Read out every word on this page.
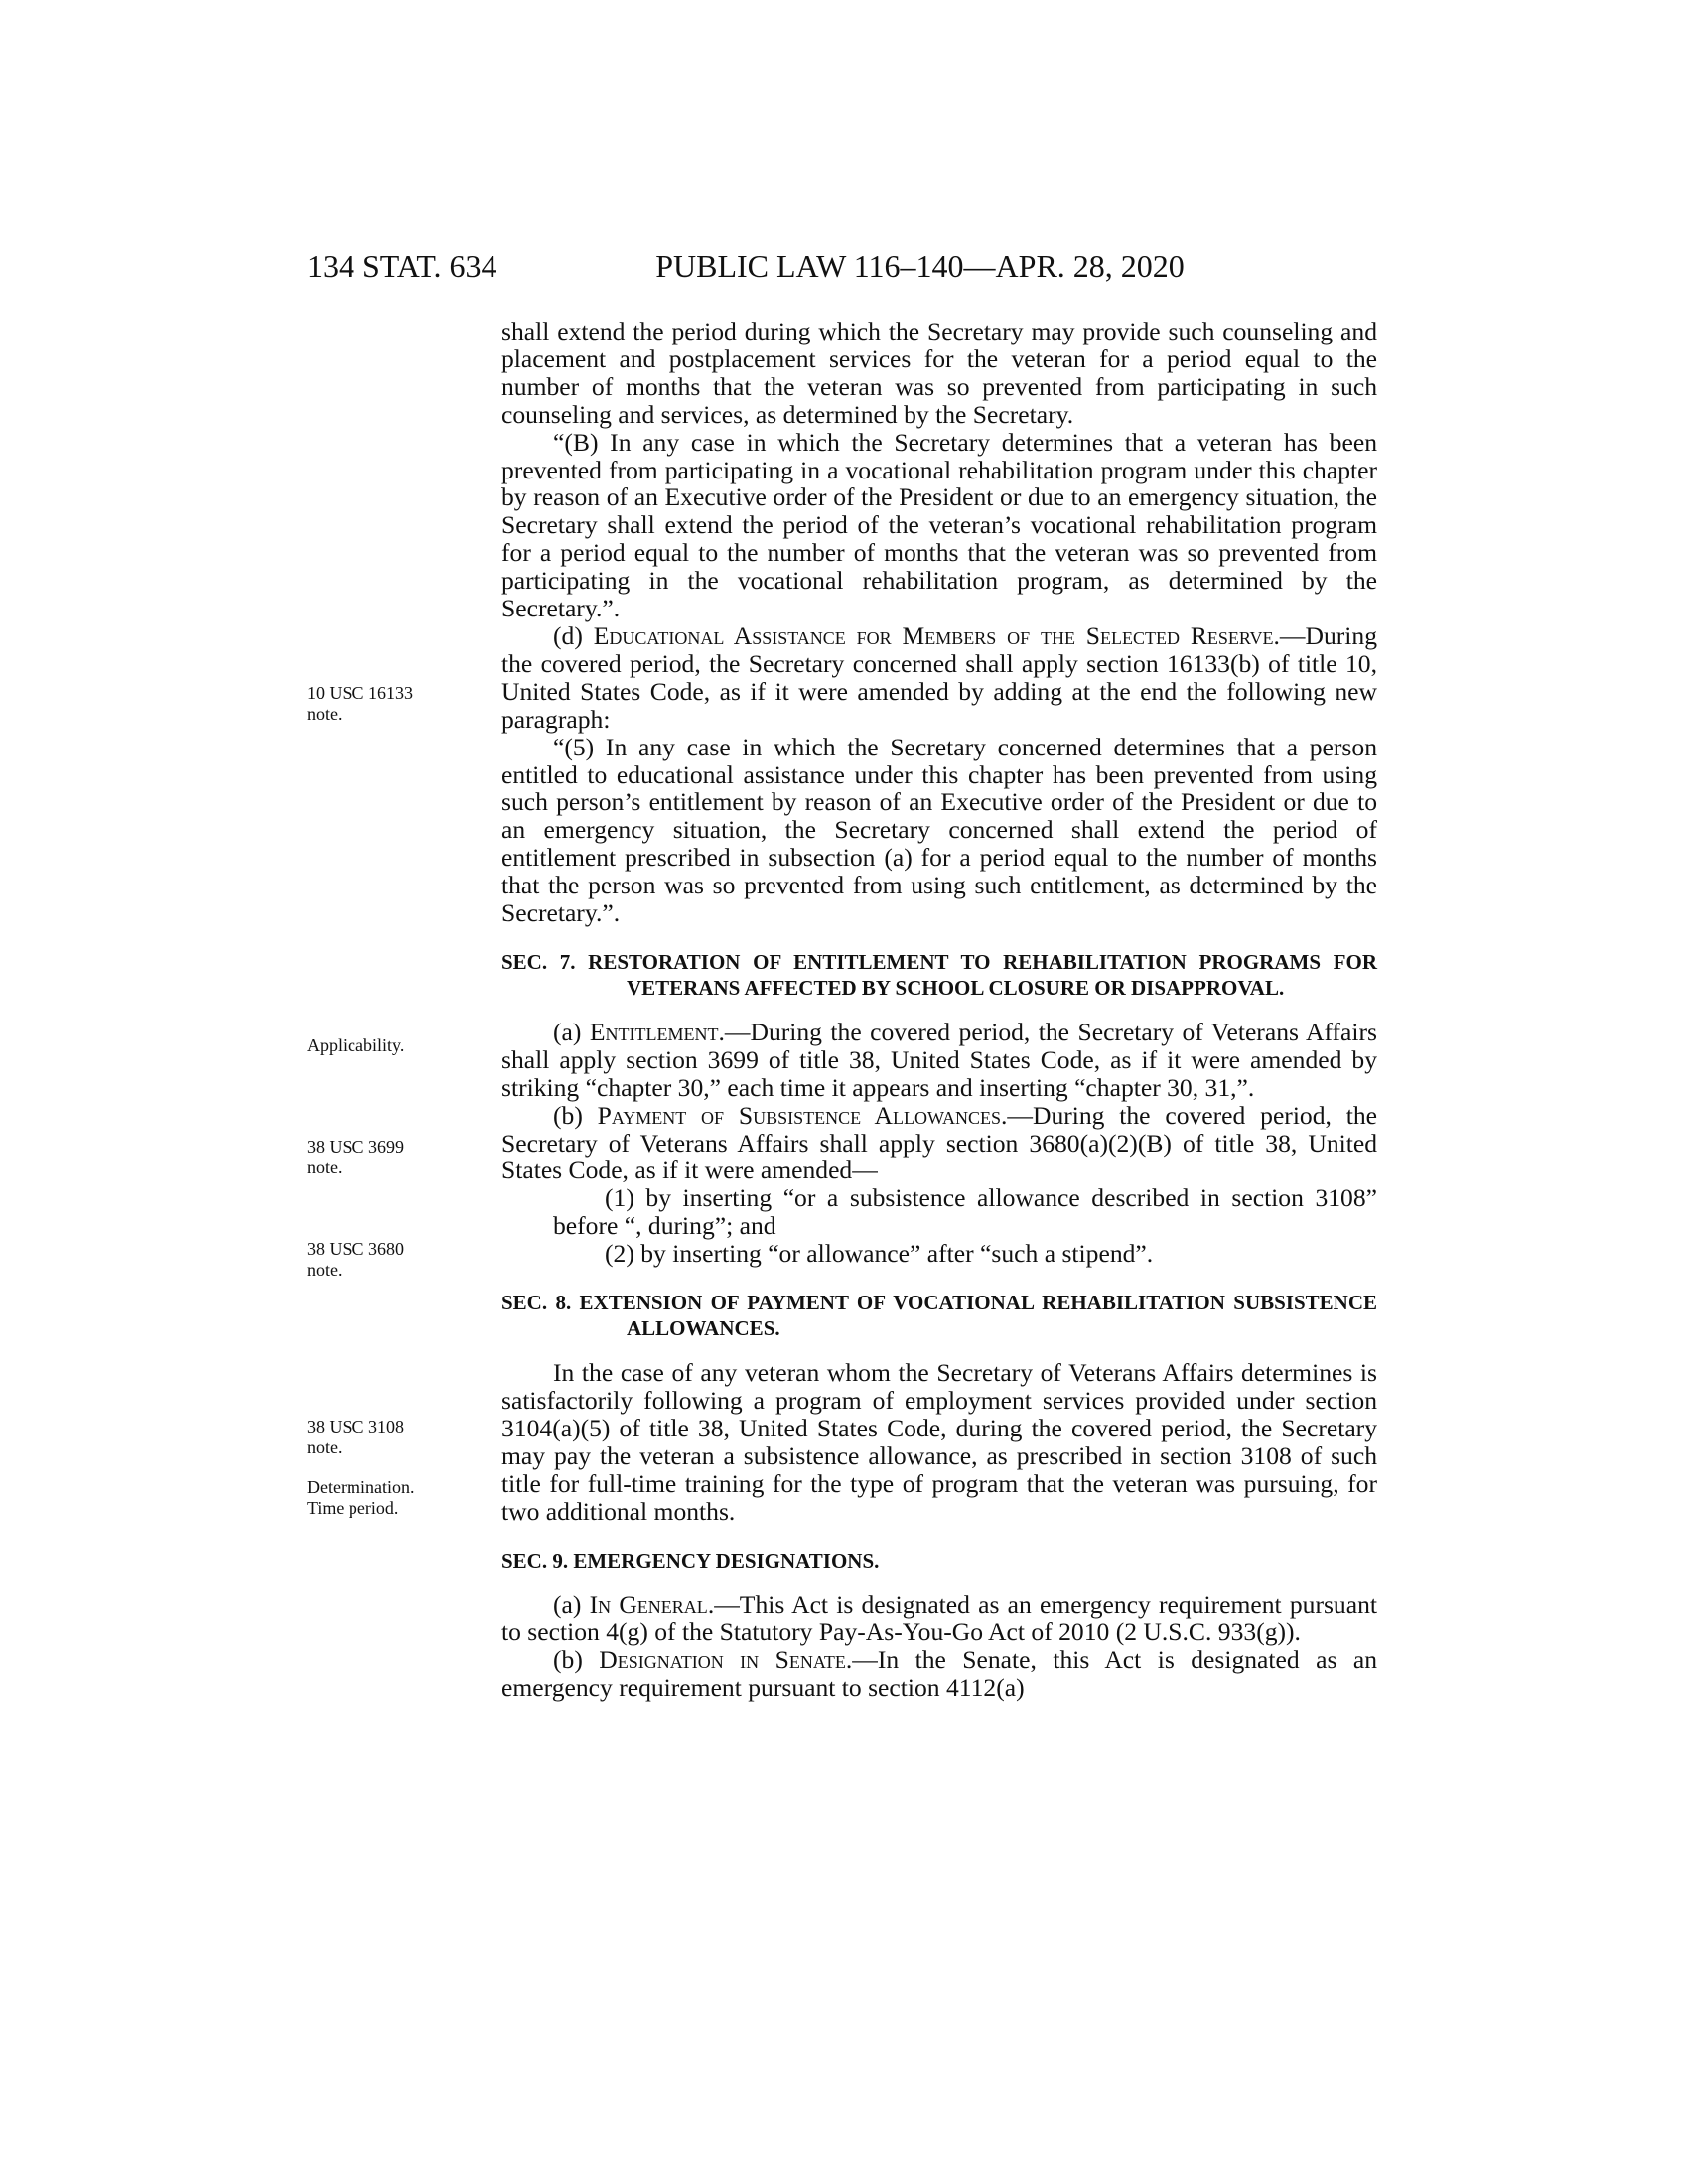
134 STAT. 634	PUBLIC LAW 116–140—APR. 28, 2020
10 USC 16133
note.
Applicability.
38 USC 3699
note.
38 USC 3680
note.
38 USC 3108
note.
Determination.
Time period.

shall extend the period during which the Secretary may provide such counseling and placement and postplacement services for the veteran for a period equal to the number of months that the veteran was so prevented from participating in such counseling and services, as determined by the Secretary.

“(B) In any case in which the Secretary determines that a veteran has been prevented from participating in a vocational rehabilitation program under this chapter by reason of an Executive order of the President or due to an emergency situation, the Secretary shall extend the period of the veteran’s vocational rehabilitation program for a period equal to the number of months that the veteran was so prevented from participating in the vocational rehabilitation program, as determined by the Secretary.”.

(d) Educational Assistance for Members of the Selected Reserve.—During the covered period, the Secretary concerned shall apply section 16133(b) of title 10, United States Code, as if it were amended by adding at the end the following new paragraph:

“(5) In any case in which the Secretary concerned determines that a person entitled to educational assistance under this chapter has been prevented from using such person’s entitlement by reason of an Executive order of the President or due to an emergency situation, the Secretary concerned shall extend the period of entitlement prescribed in subsection (a) for a period equal to the number of months that the person was so prevented from using such entitlement, as determined by the Secretary.”.

SEC. 7. RESTORATION OF ENTITLEMENT TO REHABILITATION PROGRAMS FOR VETERANS AFFECTED BY SCHOOL CLOSURE OR DISAPPROVAL.

(a) Entitlement.—During the covered period, the Secretary of Veterans Affairs shall apply section 3699 of title 38, United States Code, as if it were amended by striking “chapter 30,” each time it appears and inserting “chapter 30, 31,”.

(b) Payment of Subsistence Allowances.—During the covered period, the Secretary of Veterans Affairs shall apply section 3680(a)(2)(B) of title 38, United States Code, as if it were amended—

(1) by inserting “or a subsistence allowance described in section 3108” before “, during”; and

(2) by inserting “or allowance” after “such a stipend”.

SEC. 8. EXTENSION OF PAYMENT OF VOCATIONAL REHABILITATION SUBSISTENCE ALLOWANCES.

In the case of any veteran whom the Secretary of Veterans Affairs determines is satisfactorily following a program of employment services provided under section 3104(a)(5) of title 38, United States Code, during the covered period, the Secretary may pay the veteran a subsistence allowance, as prescribed in section 3108 of such title for full-time training for the type of program that the veteran was pursuing, for two additional months.

SEC. 9. EMERGENCY DESIGNATIONS.

(a) In General.—This Act is designated as an emergency requirement pursuant to section 4(g) of the Statutory Pay-As-You-Go Act of 2010 (2 U.S.C. 933(g)).

(b) Designation in Senate.—In the Senate, this Act is designated as an emergency requirement pursuant to section 4112(a)
